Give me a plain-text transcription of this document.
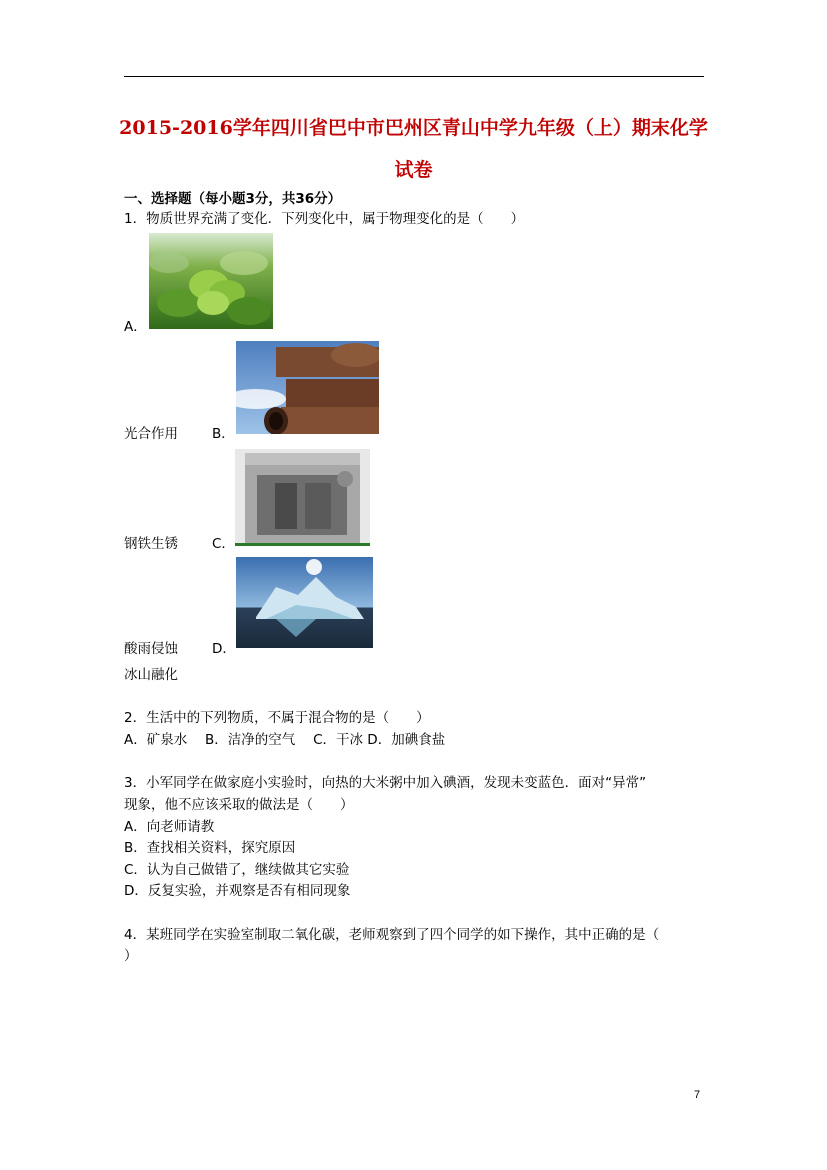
2015-2016学年四川省巴中市巴州区青山中学九年级（上）期末化学
试卷
一、选择题（每小题3分，共36分）
1．物质世界充满了变化．下列变化中，属于物理变化的是（　　）
A．
光合作用	B．
钢铁生锈	C．
酸雨侵蚀	D．
冰山融化
2．生活中的下列物质，不属于混合物的是（　　）
A．矿泉水　 B．洁净的空气　 C．干冰 D．加碘食盐
3．小军同学在做家庭小实验时，向热的大米粥中加入碘酒，发现未变蓝色．面对“异常”
现象，他不应该采取的做法是（　　）
A．向老师请教
B．查找相关资料，探究原因
C．认为自己做错了，继续做其它实验
D．反复实验，并观察是否有相同现象
4．某班同学在实验室制取二氧化碳，老师观察到了四个同学的如下操作，其中正确的是（
）
7
